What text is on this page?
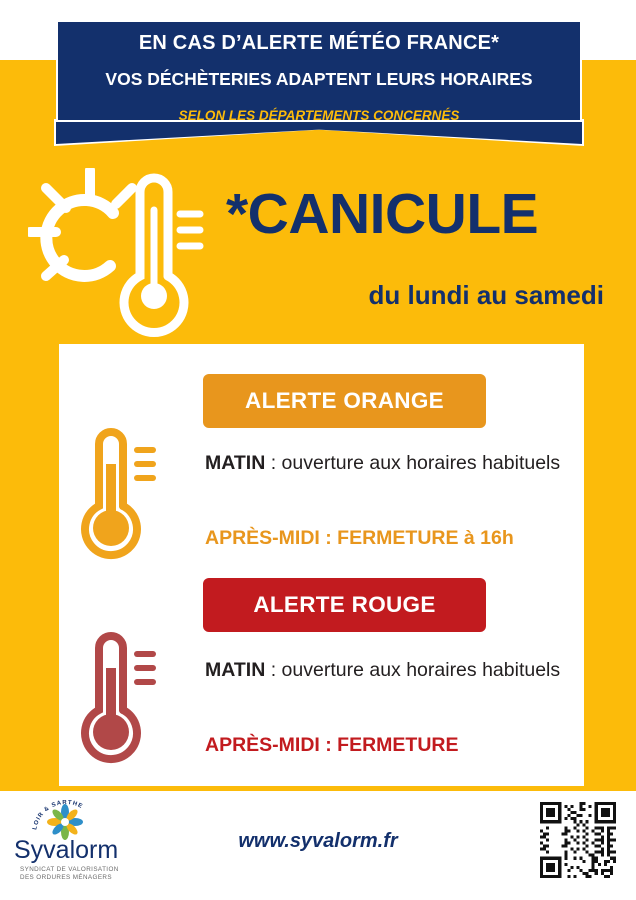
EN CAS D’ALERTE MÉTÉO FRANCE*
VOS DÉCHÈTERIES ADAPTENT LEURS HORAIRES
SELON LES DÉPARTEMENTS CONCERNÉS
*CANICULE
du lundi au samedi
ALERTE ORANGE
MATIN : ouverture aux horaires habituels
APRÈS-MIDI : FERMETURE à 16h
ALERTE ROUGE
MATIN : ouverture aux horaires habituels
APRÈS-MIDI : FERMETURE
LOIR & SARTHE
Syvalorm
SYNDICAT DE VALORISATION DES ORDURES MÉNAGERS
www.syvalorm.fr
